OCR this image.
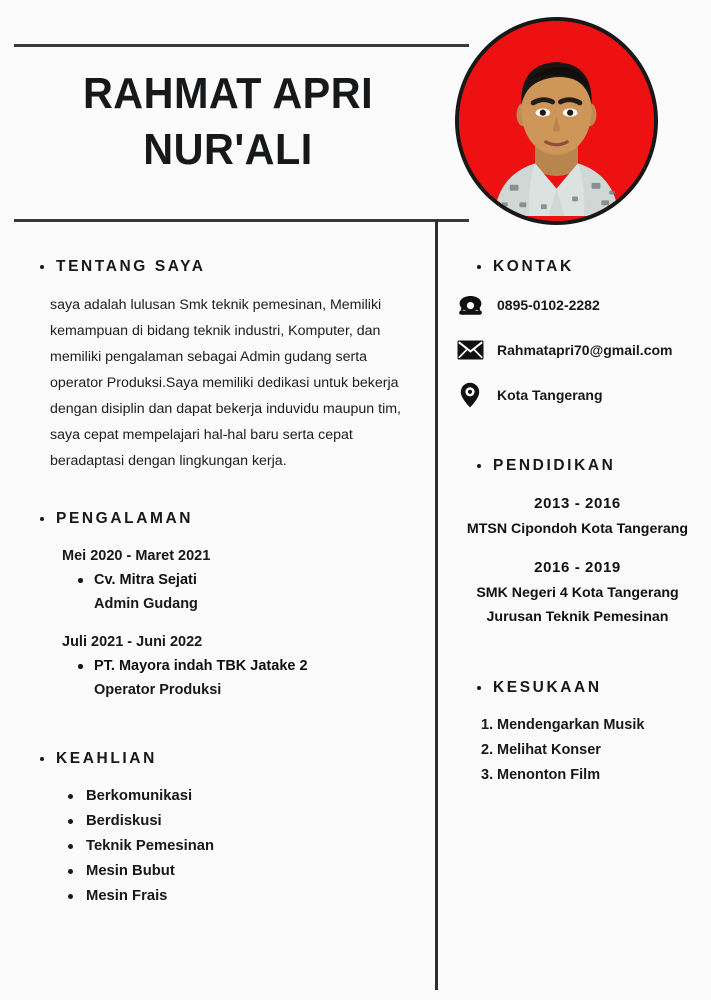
RAHMAT APRI
NUR'ALI
TENTANG SAYA
saya adalah lulusan Smk teknik pemesinan, Memiliki kemampuan di bidang teknik industri, Komputer, dan memiliki pengalaman sebagai Admin gudang serta operator Produksi.Saya memiliki dedikasi untuk bekerja dengan disiplin dan dapat bekerja induvidu maupun tim, saya cepat mempelajari hal-hal baru serta cepat beradaptasi dengan lingkungan kerja.
PENGALAMAN
Mei 2020 - Maret 2021
Cv. Mitra Sejati
Admin Gudang
Juli 2021 - Juni 2022
PT. Mayora indah TBK Jatake 2
Operator Produksi
KEAHLIAN
Berkomunikasi
Berdiskusi
Teknik Pemesinan
Mesin Bubut
Mesin Frais
KONTAK
0895-0102-2282
Rahmatapri70@gmail.com
Kota Tangerang
PENDIDIKAN
2013 - 2016
MTSN Cipondoh Kota Tangerang
2016 - 2019
SMK Negeri 4 Kota Tangerang
Jurusan Teknik Pemesinan
KESUKAAN
1. Mendengarkan Musik
2. Melihat Konser
3. Menonton Film
